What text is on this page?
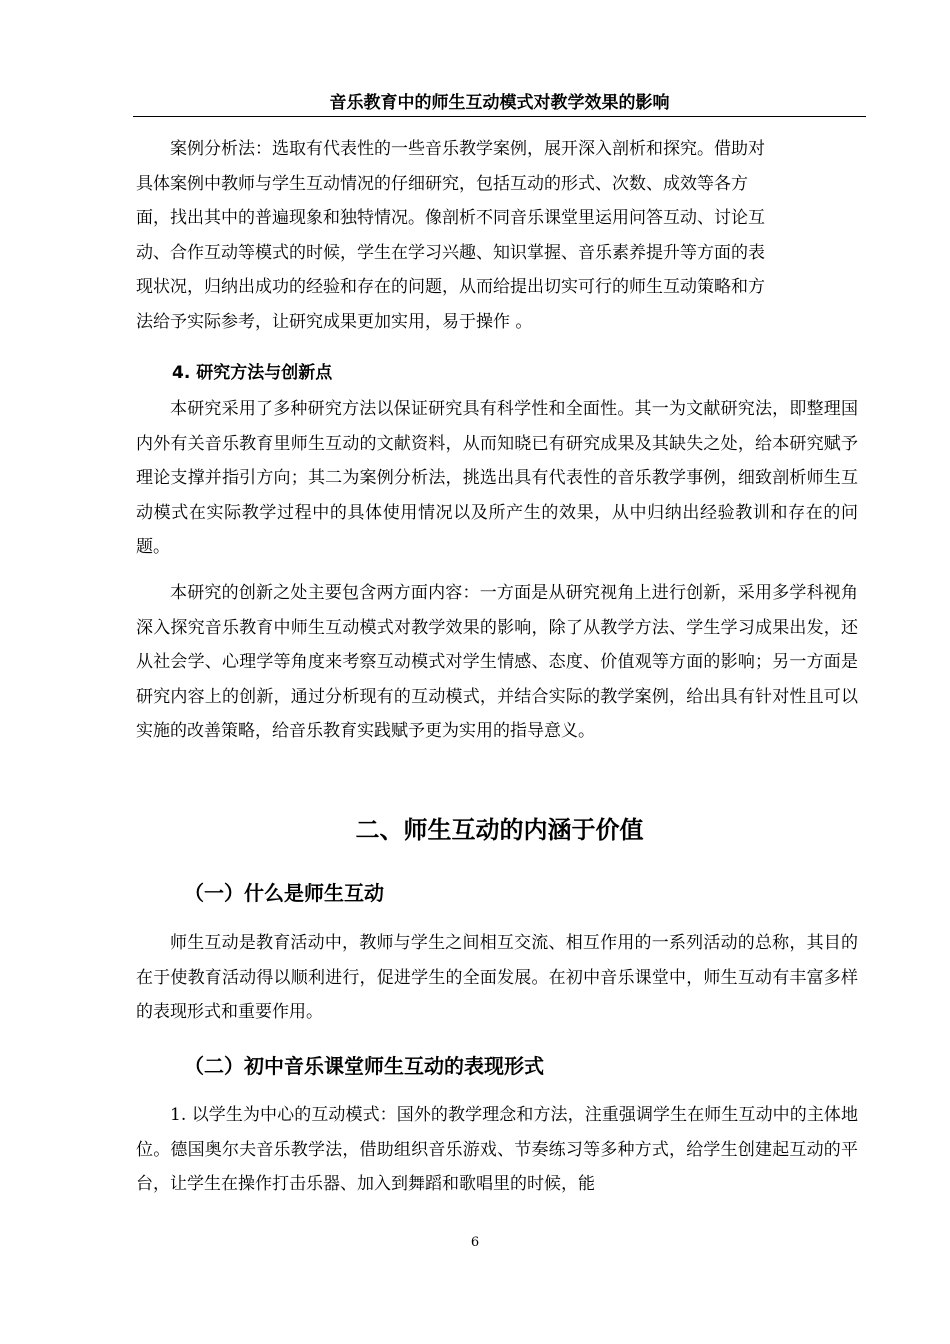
音乐教育中的师生互动模式对教学效果的影响

案例分析法：选取有代表性的一些音乐教学案例，展开深入剖析和探究。借助对

具体案例中教师与学生互动情况的仔细研究，包括互动的形式、次数、成效等各方

面，找出其中的普遍现象和独特情况。像剖析不同音乐课堂里运用问答互动、讨论互

动、合作互动等模式的时候，学生在学习兴趣、知识掌握、音乐素养提升等方面的表

现状况，归纳出成功的经验和存在的问题，从而给提出切实可行的师生互动策略和方

法给予实际参考，让研究成果更加实用，易于操作 。

4. 研究方法与创新点

本研究采用了多种研究方法以保证研究具有科学性和全面性。其一为文献研究法，即整理国内外有关音乐教育里师生互动的文献资料，从而知晓已有研究成果及其缺失之处，给本研究赋予理论支撑并指引方向；其二为案例分析法，挑选出具有代表性的音乐教学事例，细致剖析师生互动模式在实际教学过程中的具体使用情况以及所产生的效果，从中归纳出经验教训和存在的问题。

本研究的创新之处主要包含两方面内容：一方面是从研究视角上进行创新，采用多学科视角深入探究音乐教育中师生互动模式对教学效果的影响，除了从教学方法、学生学习成果出发，还从社会学、心理学等角度来考察互动模式对学生情感、态度、价值观等方面的影响；另一方面是研究内容上的创新，通过分析现有的互动模式，并结合实际的教学案例，给出具有针对性且可以实施的改善策略，给音乐教育实践赋予更为实用的指导意义。

二、师生互动的内涵于价值
（一）什么是师生互动

师生互动是教育活动中，教师与学生之间相互交流、相互作用的一系列活动的总称，其目的在于使教育活动得以顺利进行，促进学生的全面发展。在初中音乐课堂中，师生互动有丰富多样的表现形式和重要作用。

（二）初中音乐课堂师生互动的表现形式

1. 以学生为中心的互动模式：国外的教学理念和方法，注重强调学生在师生互动中的主体地位。德国奥尔夫音乐教学法，借助组织音乐游戏、节奏练习等多种方式，给学生创建起互动的平台，让学生在操作打击乐器、加入到舞蹈和歌唱里的时候，能

6
